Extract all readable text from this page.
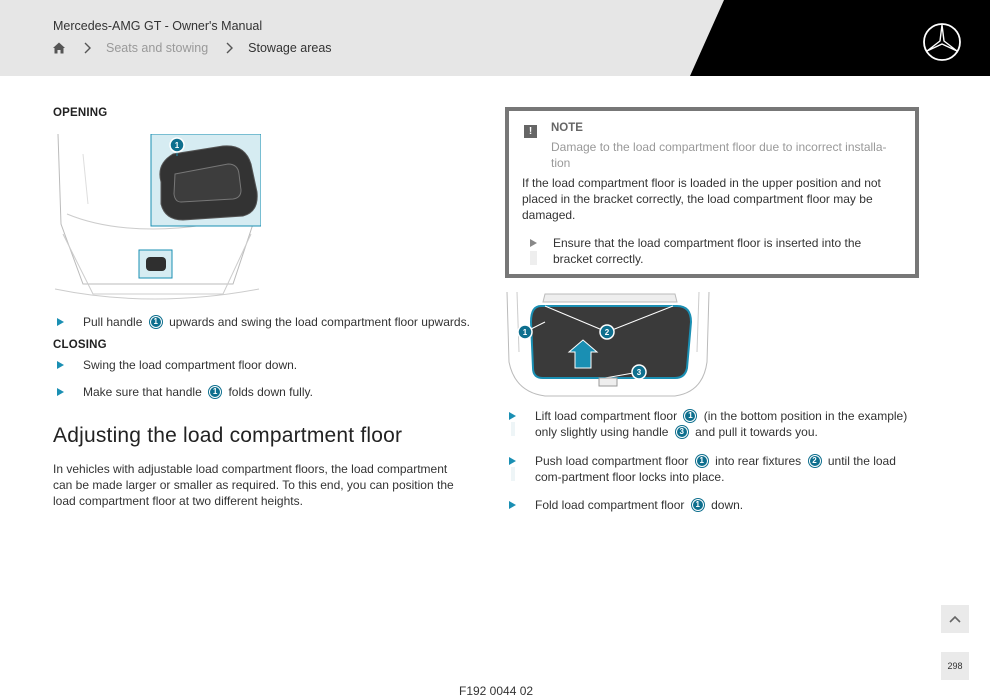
Mercedes-AMG GT - Owner's Manual
Seats and stowing	Stowage areas
OPENING
1
Pull handle 1 upwards and swing the load compartment floor upwards.
CLOSING
Swing the load compartment floor down.
Make sure that handle 1 folds down fully.
Adjusting the load compartment floor
In vehicles with adjustable load compartment floors, the load compartment can be made larger or smaller as required. To this end, you can position the load compartment floor at two different heights.
!	NOTE
Damage to the load compartment floor due to incorrect installa-
tion
If the load compartment floor is loaded in the upper position and not placed in the bracket correctly, the load compartment floor may be damaged.
Ensure that the load compartment floor is inserted into the bracket correctly.
1	2
3
Lift load compartment floor 1 (in the bottom position in the example) only slightly using handle 3 and pull it towards you.
Push load compartment floor 1 into rear fixtures 2 until the load com-partment floor locks into place.
Fold load compartment floor 1 down.
298
F192 0044 02
